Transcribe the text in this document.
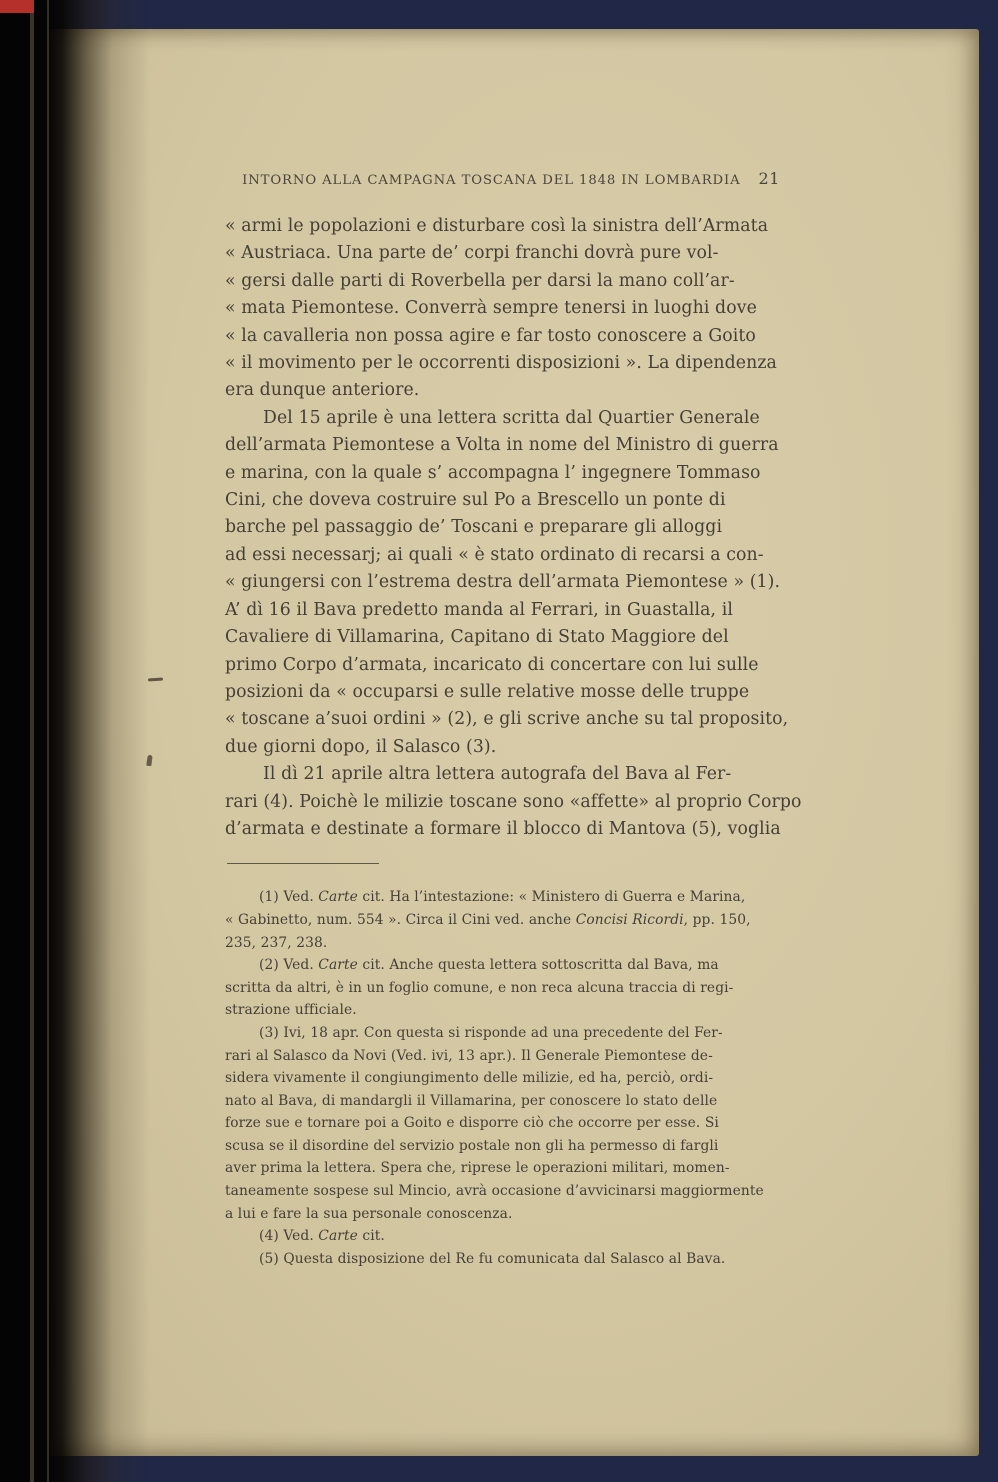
INTORNO ALLA CAMPAGNA TOSCANA DEL 1848 IN LOMBARDIA 21
« armi le popolazioni e disturbare così la sinistra dell’Armata
« Austriaca. Una parte de’ corpi franchi dovrà pure vol-
« gersi dalle parti di Roverbella per darsi la mano coll’ar-
« mata Piemontese. Converrà sempre tenersi in luoghi dove
« la cavalleria non possa agire e far tosto conoscere a Goito
« il movimento per le occorrenti disposizioni ». La dipendenza
era dunque anteriore.
Del 15 aprile è una lettera scritta dal Quartier Generale
dell’armata Piemontese a Volta in nome del Ministro di guerra
e marina, con la quale s’ accompagna l’ ingegnere Tommaso
Cini, che doveva costruire sul Po a Brescello un ponte di
barche pel passaggio de’ Toscani e preparare gli alloggi
ad essi necessarj; ai quali « è stato ordinato di recarsi a con-
« giungersi con l’estrema destra dell’armata Piemontese » (1).
A’ dì 16 il Bava predetto manda al Ferrari, in Guastalla, il
Cavaliere di Villamarina, Capitano di Stato Maggiore del
primo Corpo d’armata, incaricato di concertare con lui sulle
posizioni da « occuparsi e sulle relative mosse delle truppe
« toscane a’suoi ordini » (2), e gli scrive anche su tal proposito,
due giorni dopo, il Salasco (3).
Il dì 21 aprile altra lettera autografa del Bava al Fer-
rari (4). Poichè le milizie toscane sono «affette» al proprio Corpo
d’armata e destinate a formare il blocco di Mantova (5), voglia
(1) Ved. Carte cit. Ha l’intestazione: « Ministero di Guerra e Marina,
« Gabinetto, num. 554 ». Circa il Cini ved. anche Concisi Ricordi, pp. 150,
235, 237, 238.
(2) Ved. Carte cit. Anche questa lettera sottoscritta dal Bava, ma
scritta da altri, è in un foglio comune, e non reca alcuna traccia di regi-
strazione ufficiale.
(3) Ivi, 18 apr. Con questa si risponde ad una precedente del Fer-
rari al Salasco da Novi (Ved. ivi, 13 apr.). Il Generale Piemontese de-
sidera vivamente il congiungimento delle milizie, ed ha, perciò, ordi-
nato al Bava, di mandargli il Villamarina, per conoscere lo stato delle
forze sue e tornare poi a Goito e disporre ciò che occorre per esse. Si
scusa se il disordine del servizio postale non gli ha permesso di fargli
aver prima la lettera. Spera che, riprese le operazioni militari, momen-
taneamente sospese sul Mincio, avrà occasione d’avvicinarsi maggiormente
a lui e fare la sua personale conoscenza.
(4) Ved. Carte cit.
(5) Questa disposizione del Re fu comunicata dal Salasco al Bava.
